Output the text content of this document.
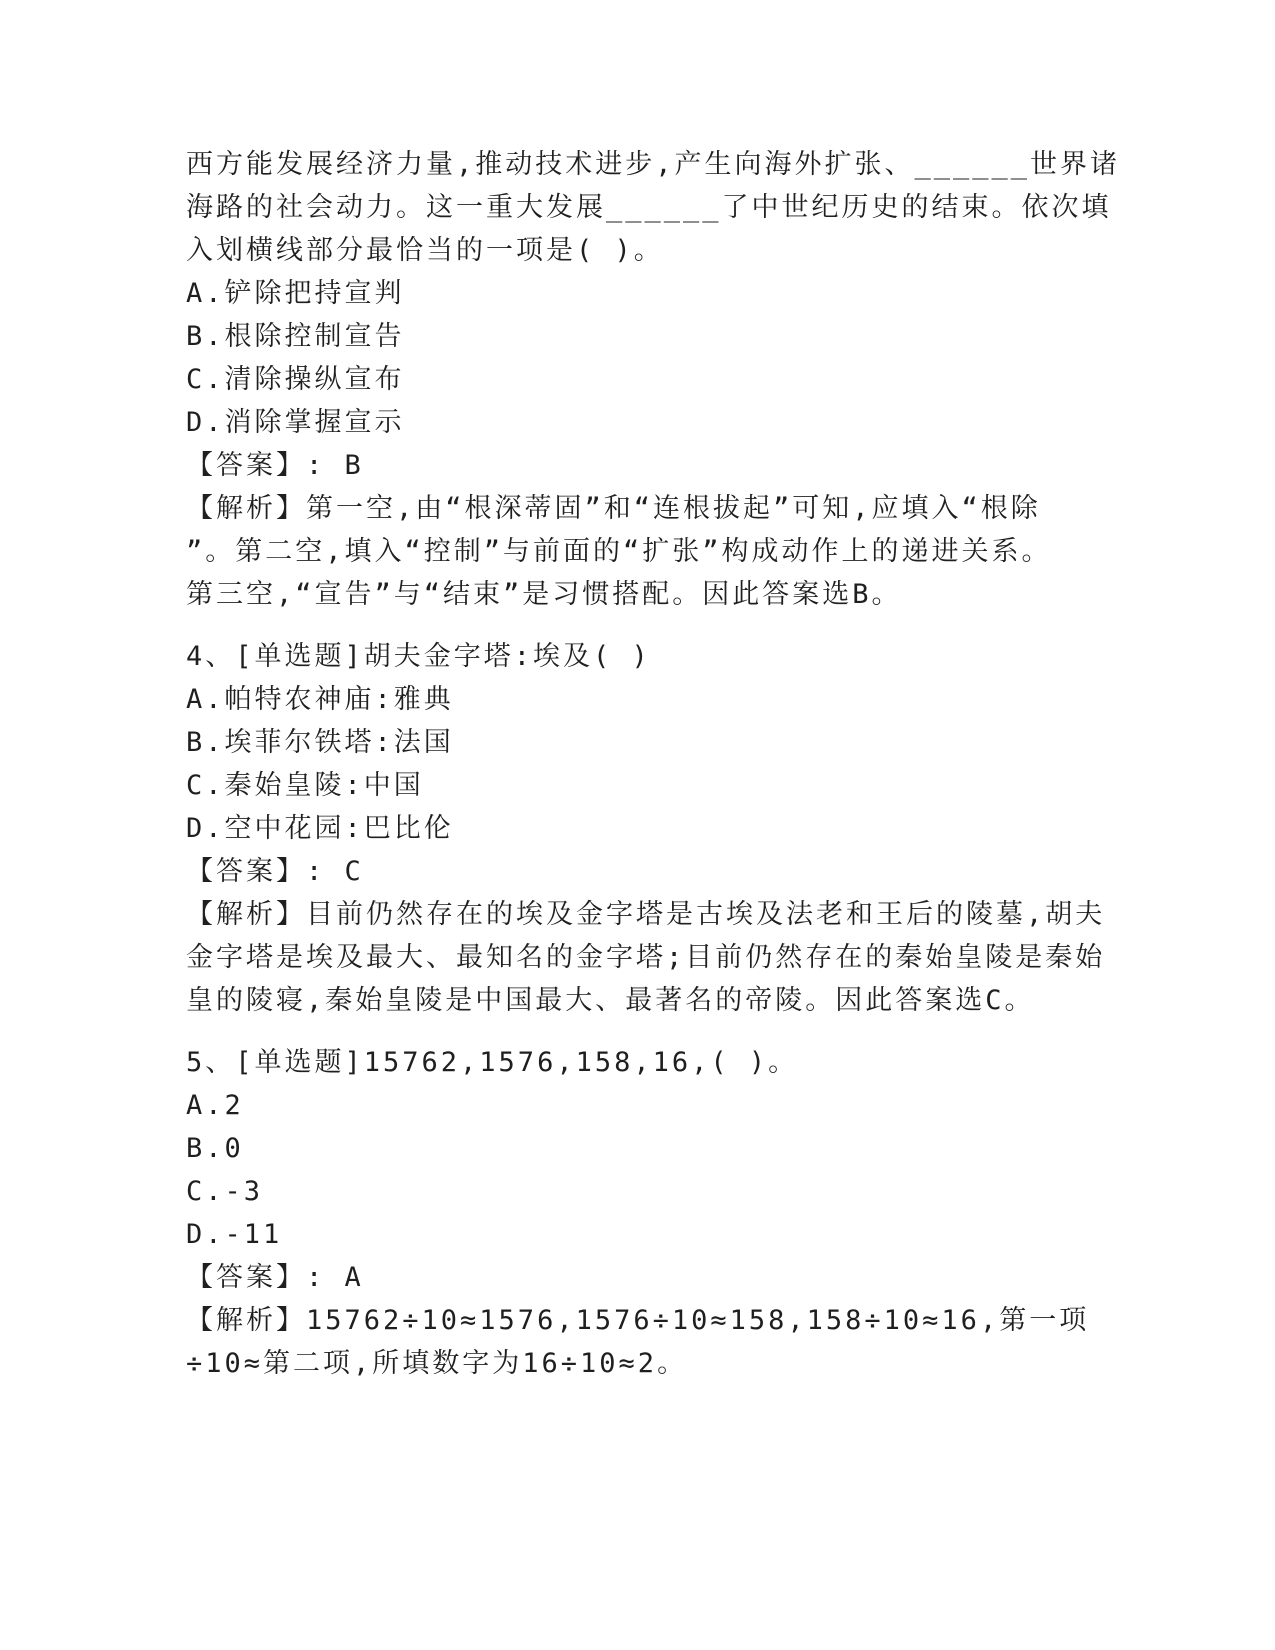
西方能发展经济力量,推动技术进步,产生向海外扩张、______世界诸
海路的社会动力。这一重大发展______了中世纪历史的结束。依次填
入划横线部分最恰当的一项是( )。
A.铲除把持宣判
B.根除控制宣告
C.清除操纵宣布
D.消除掌握宣示
【答案】: B
【解析】第一空,由“根深蒂固”和“连根拔起”可知,应填入“根除
”。第二空,填入“控制”与前面的“扩张”构成动作上的递进关系。
第三空,“宣告”与“结束”是习惯搭配。因此答案选B。
4、[单选题]胡夫金字塔:埃及( )
A.帕特农神庙:雅典
B.埃菲尔铁塔:法国
C.秦始皇陵:中国
D.空中花园:巴比伦
【答案】: C
【解析】目前仍然存在的埃及金字塔是古埃及法老和王后的陵墓,胡夫
金字塔是埃及最大、最知名的金字塔;目前仍然存在的秦始皇陵是秦始
皇的陵寝,秦始皇陵是中国最大、最著名的帝陵。因此答案选C。
5、[单选题]15762,1576,158,16,( )。
A.2
B.0
C.-3
D.-11
【答案】: A
【解析】15762÷10≈1576,1576÷10≈158,158÷10≈16,第一项
÷10≈第二项,所填数字为16÷10≈2。
